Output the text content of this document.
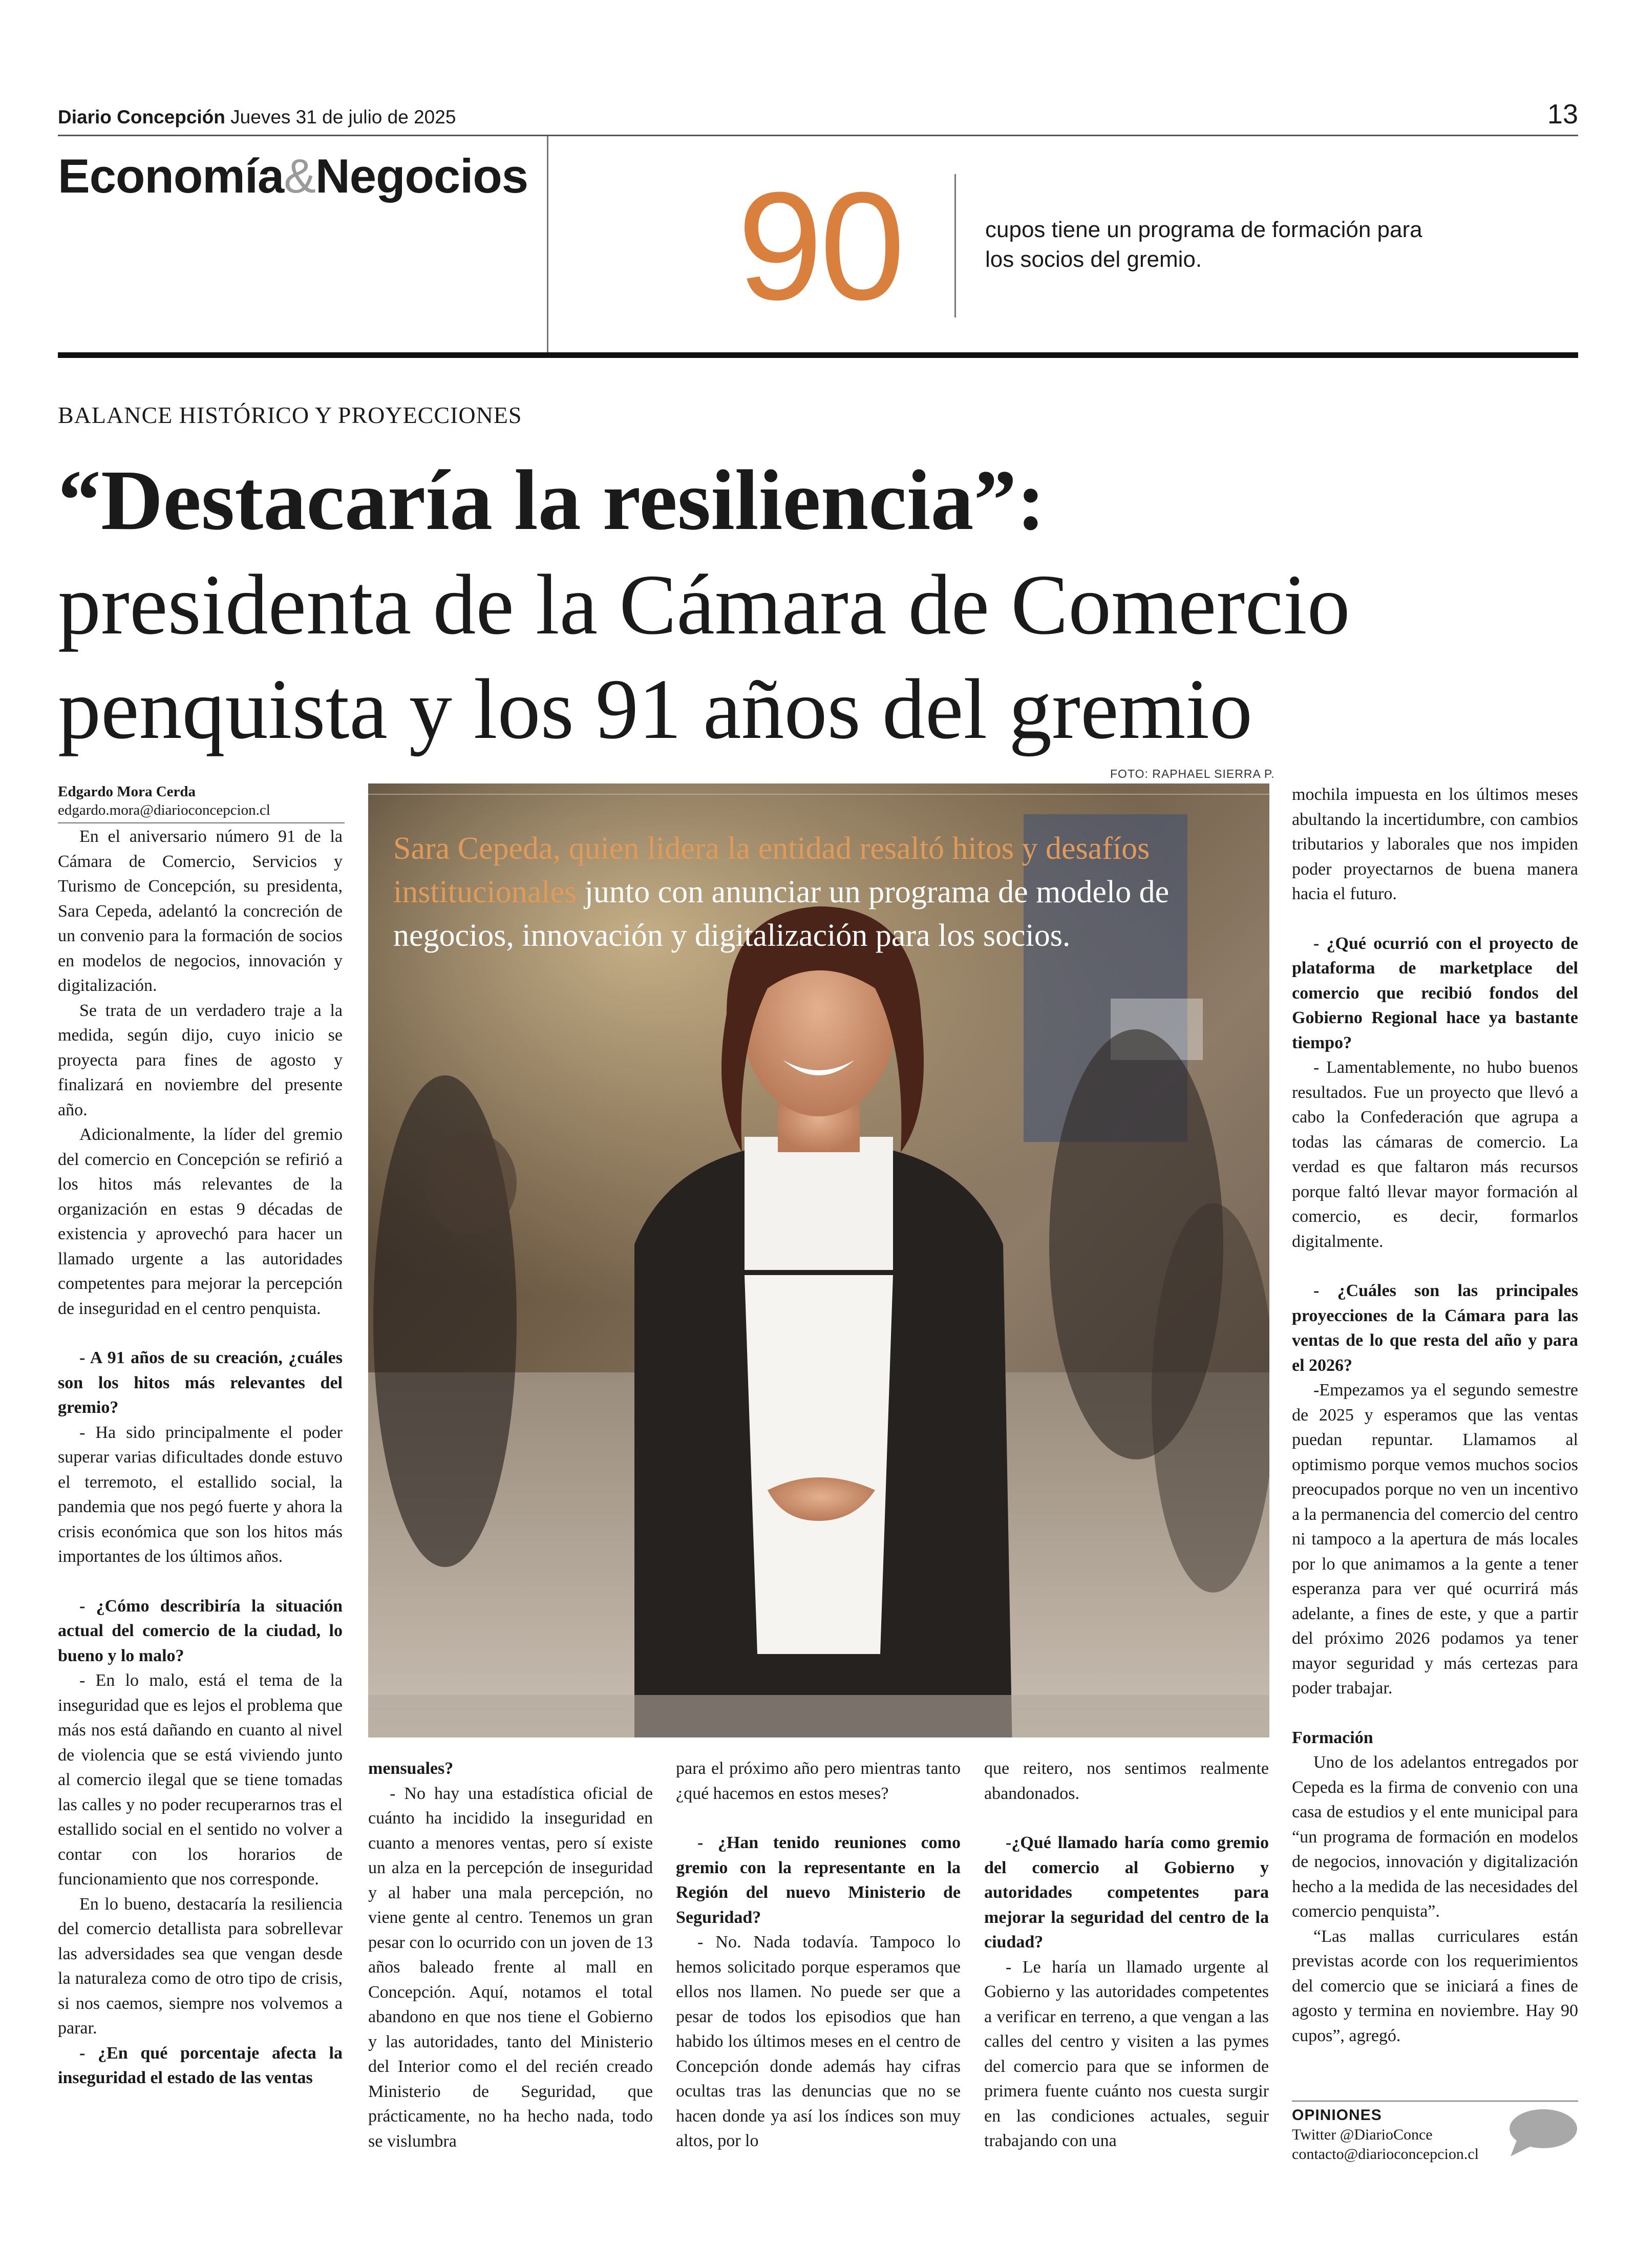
Diario Concepción Jueves 31 de julio de 2025	13
Economía&Negocios 90	cupos tiene un programa de formación para los socios del gremio.
BALANCE HISTÓRICO Y PROYECCIONES
“Destacaría la resiliencia”:
presidenta de la Cámara de Comercio
penquista y los 91 años del gremio
Edgardo Mora Cerda
edgardo.mora@diarioconcepcion.cl
FOTO: RAPHAEL SIERRA P.
Sara Cepeda, quien lidera la entidad resaltó hitos y desafíos institucionales junto con anunciar un programa de modelo de negocios, innovación y digitalización para los socios.

En el aniversario número 91 de la Cámara de Comercio, Servicios y Turismo de Concepción, su presidenta, Sara Cepeda, adelantó la concreción de un convenio para la formación de socios en modelos de negocios, innovación y digitalización.

Se trata de un verdadero traje a la medida, según dijo, cuyo inicio se proyecta para fines de agosto y finalizará en noviembre del presente año.

Adicionalmente, la líder del gremio del comercio en Concepción se refirió a los hitos más relevantes de la organización en estas 9 décadas de existencia y aprovechó para hacer un llamado urgente a las autoridades competentes para mejorar la percepción de inseguridad en el centro penquista.

- A 91 años de su creación, ¿cuáles son los hitos más relevantes del gremio?

- Ha sido principalmente el poder superar varias dificultades donde estuvo el terremoto, el estallido social, la pandemia que nos pegó fuerte y ahora la crisis económica que son los hitos más importantes de los últimos años.

- ¿Cómo describiría la situación actual del comercio de la ciudad, lo bueno y lo malo?

- En lo malo, está el tema de la inseguridad que es lejos el problema que más nos está dañando en cuanto al nivel de violencia que se está viviendo junto al comercio ilegal que se tiene tomadas las calles y no poder recuperarnos tras el estallido social en el sentido no volver a contar con los horarios de funcionamiento que nos corresponde.

En lo bueno, destacaría la resiliencia del comercio detallista para sobrellevar las adversidades sea que vengan desde la naturaleza como de otro tipo de crisis, si nos caemos, siempre nos volvemos a parar.

- ¿En qué porcentaje afecta la inseguridad el estado de las ventas

mensuales?

- No hay una estadística oficial de cuánto ha incidido la inseguridad en cuanto a menores ventas, pero sí existe un alza en la percepción de inseguridad y al haber una mala percepción, no viene gente al centro. Tenemos un gran pesar con lo ocurrido con un joven de 13 años baleado frente al mall en Concepción. Aquí, notamos el total abandono en que nos tiene el Gobierno y las autoridades, tanto del Ministerio del Interior como el del recién creado Ministerio de Seguridad, que prácticamente, no ha hecho nada, todo se vislumbra

para el próximo año pero mientras tanto ¿qué hacemos en estos meses?

- ¿Han tenido reuniones como gremio con la representante en la Región del nuevo Ministerio de Seguridad?

- No. Nada todavía. Tampoco lo hemos solicitado porque esperamos que ellos nos llamen. No puede ser que a pesar de todos los episodios que han habido los últimos meses en el centro de Concepción donde además hay cifras ocultas tras las denuncias que no se hacen donde ya así los índices son muy altos, por lo

que reitero, nos sentimos realmente abandonados.

-¿Qué llamado haría como gremio del comercio al Gobierno y autoridades competentes para mejorar la seguridad del centro de la ciudad?

- Le haría un llamado urgente al Gobierno y las autoridades competentes a verificar en terreno, a que vengan a las calles del centro y visiten a las pymes del comercio para que se informen de primera fuente cuánto nos cuesta surgir en las condiciones actuales, seguir trabajando con una

mochila impuesta en los últimos meses abultando la incertidumbre, con cambios tributarios y laborales que nos impiden poder proyectarnos de buena manera hacia el futuro.

- ¿Qué ocurrió con el proyecto de plataforma de marketplace del comercio que recibió fondos del Gobierno Regional hace ya bastante tiempo?

- Lamentablemente, no hubo buenos resultados. Fue un proyecto que llevó a cabo la Confederación que agrupa a todas las cámaras de comercio. La verdad es que faltaron más recursos porque faltó llevar mayor formación al comercio, es decir, formarlos digitalmente.

- ¿Cuáles son las principales proyecciones de la Cámara para las ventas de lo que resta del año y para el 2026?

-Empezamos ya el segundo semestre de 2025 y esperamos que las ventas puedan repuntar. Llamamos al optimismo porque vemos muchos socios preocupados porque no ven un incentivo a la permanencia del comercio del centro ni tampoco a la apertura de más locales por lo que animamos a la gente a tener esperanza para ver qué ocurrirá más adelante, a fines de este, y que a partir del próximo 2026 podamos ya tener mayor seguridad y más certezas para poder trabajar.

Formación

Uno de los adelantos entregados por Cepeda es la firma de convenio con una casa de estudios y el ente municipal para “un programa de formación en modelos de negocios, innovación y digitalización hecho a la medida de las necesidades del comercio penquista”.

“Las mallas curriculares están previstas acorde con los requerimientos del comercio que se iniciará a fines de agosto y termina en noviembre. Hay 90 cupos”, agregó.

OPINIONES
Twitter @DiarioConce
contacto@diarioconcepcion.cl
